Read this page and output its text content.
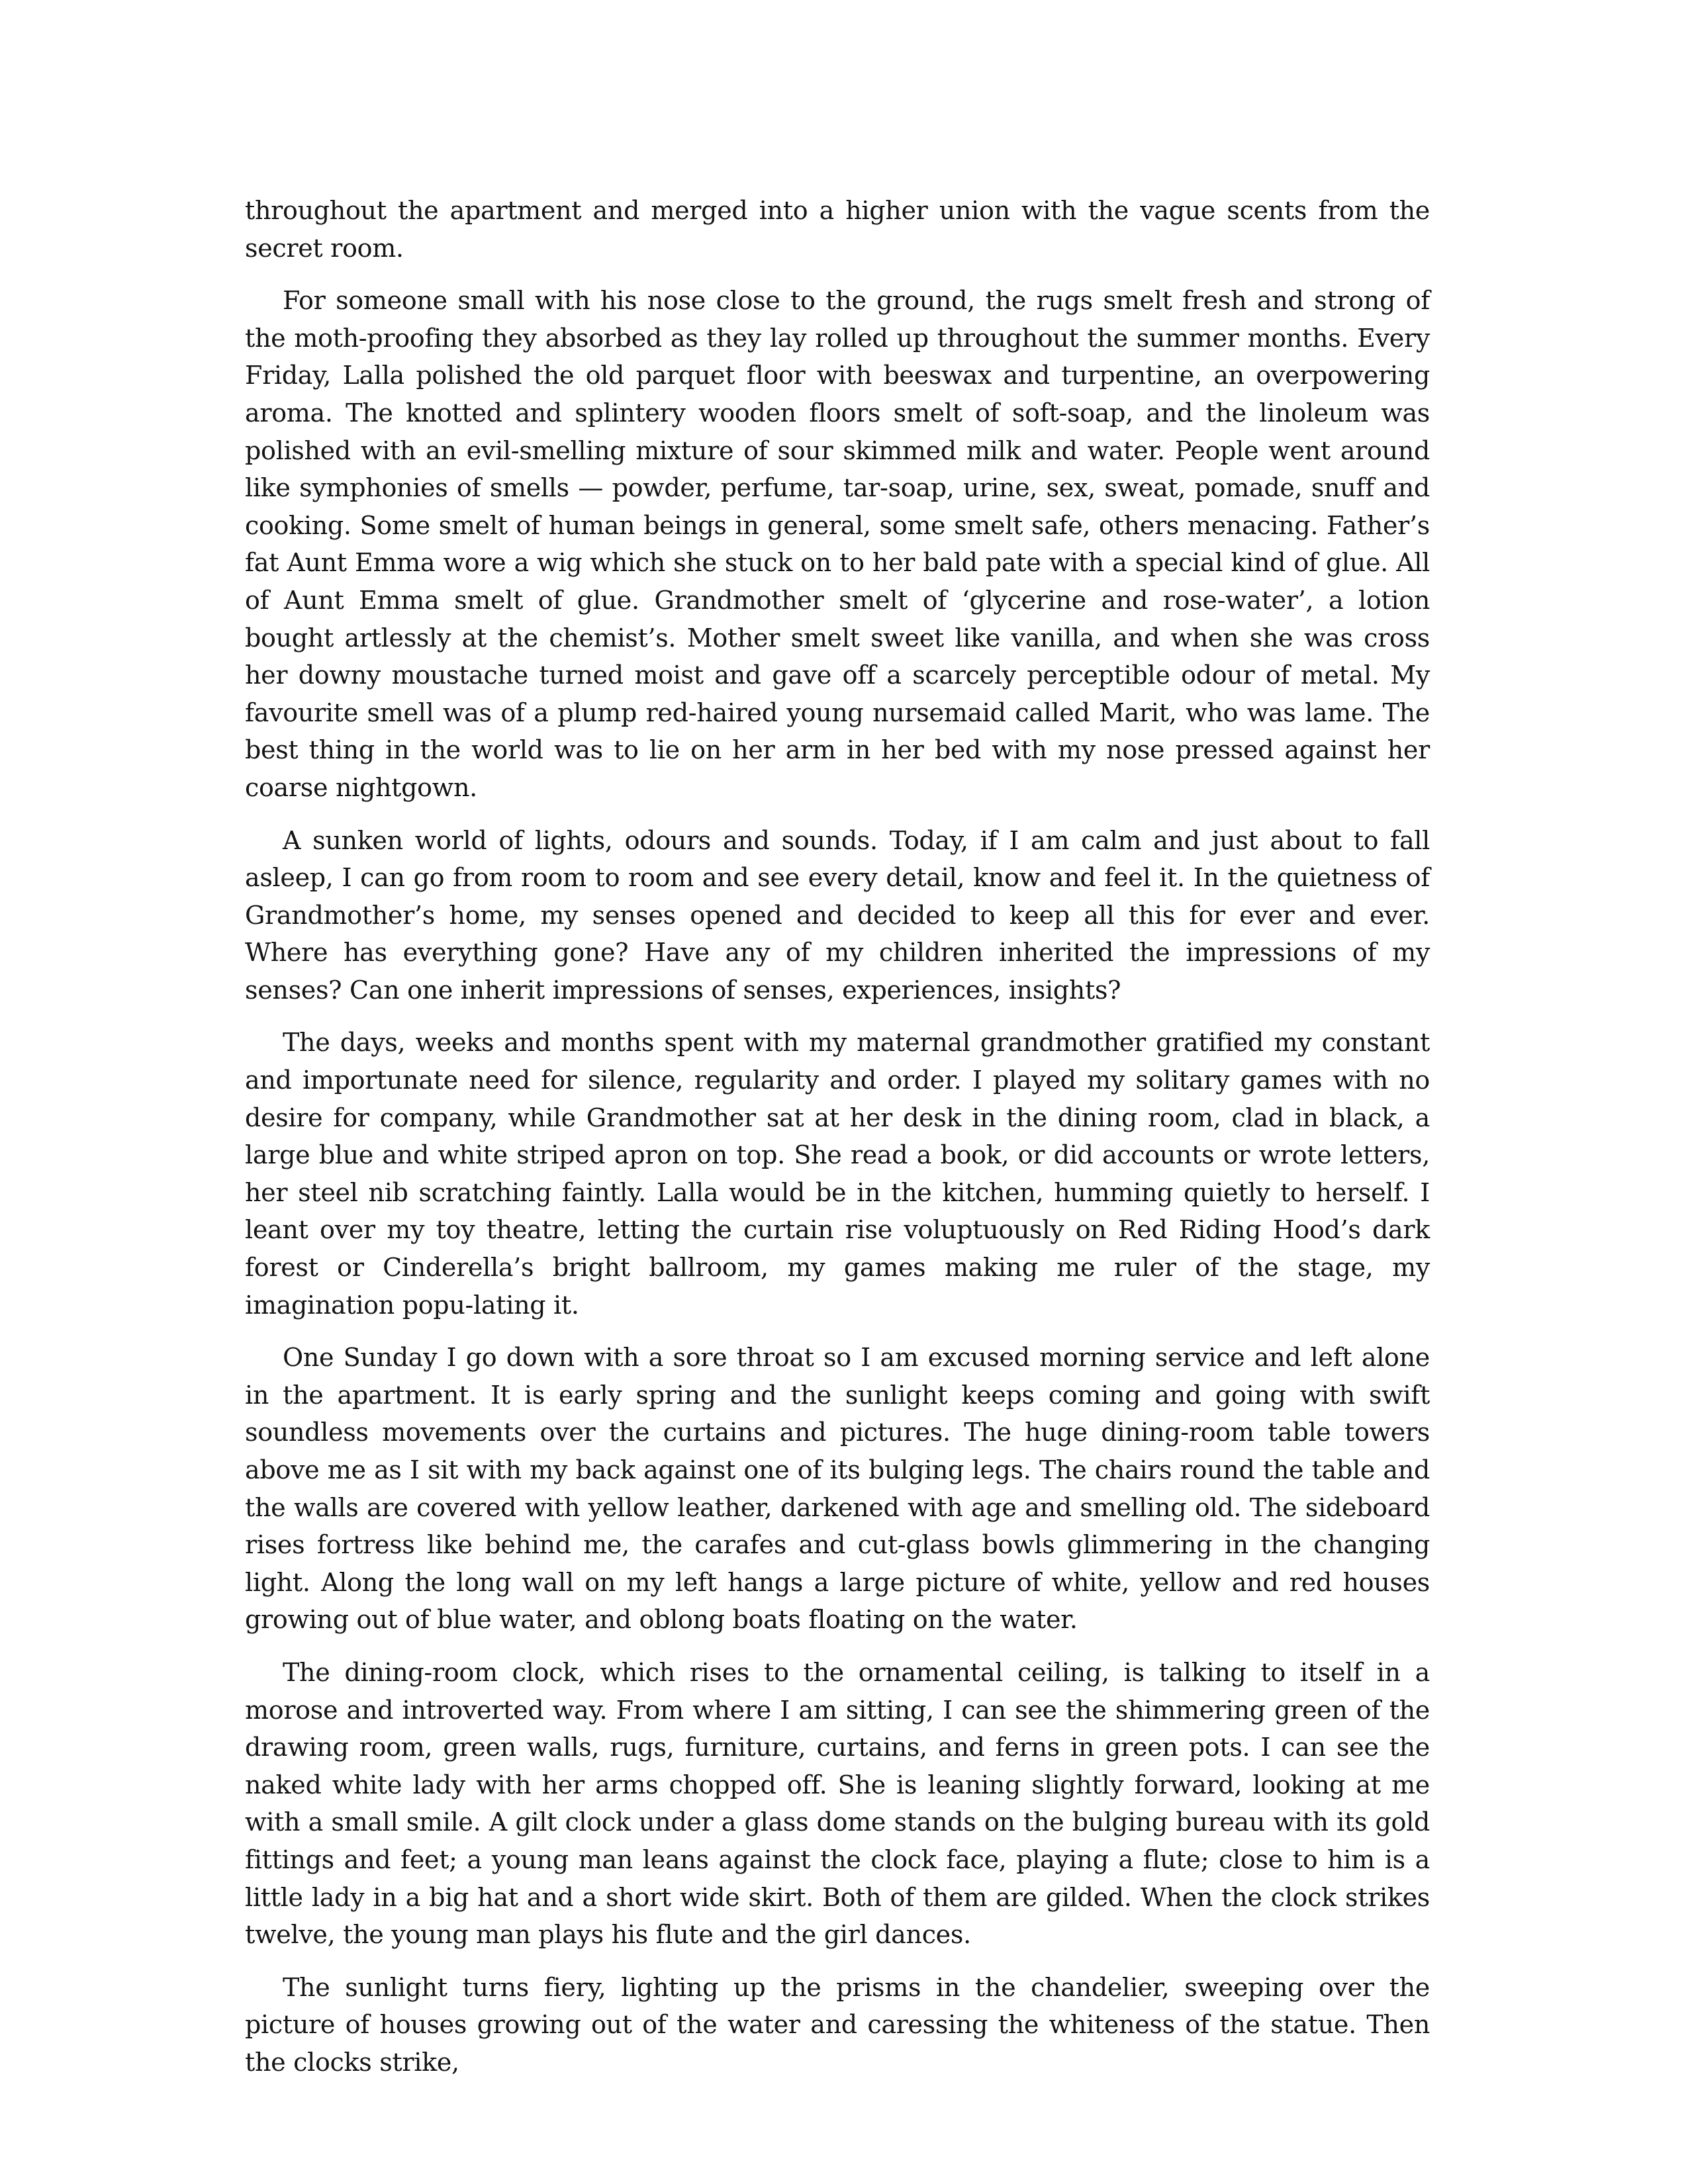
throughout the apartment and merged into a higher union with the vague scents from the secret room.

For someone small with his nose close to the ground, the rugs smelt fresh and strong of the moth-proofing they absorbed as they lay rolled up throughout the summer months. Every Friday, Lalla polished the old parquet floor with beeswax and turpentine, an overpowering aroma. The knotted and splintery wooden floors smelt of soft-soap, and the linoleum was polished with an evil-smelling mixture of sour skimmed milk and water. People went around like symphonies of smells — powder, perfume, tar-soap, urine, sex, sweat, pomade, snuff and cooking. Some smelt of human beings in general, some smelt safe, others menacing. Father’s fat Aunt Emma wore a wig which she stuck on to her bald pate with a special kind of glue. All of Aunt Emma smelt of glue. Grandmother smelt of ‘glycerine and rose-water’, a lotion bought artlessly at the chemist’s. Mother smelt sweet like vanilla, and when she was cross her downy moustache turned moist and gave off a scarcely perceptible odour of metal. My favourite smell was of a plump red-haired young nursemaid called Marit, who was lame. The best thing in the world was to lie on her arm in her bed with my nose pressed against her coarse nightgown.

A sunken world of lights, odours and sounds. Today, if I am calm and just about to fall asleep, I can go from room to room and see every detail, know and feel it. In the quietness of Grandmother’s home, my senses opened and decided to keep all this for ever and ever. Where has everything gone? Have any of my children inherited the impressions of my senses? Can one inherit impressions of senses, experiences, insights?

The days, weeks and months spent with my maternal grandmother gratified my constant and importunate need for silence, regularity and order. I played my solitary games with no desire for company, while Grandmother sat at her desk in the dining room, clad in black, a large blue and white striped apron on top. She read a book, or did accounts or wrote letters, her steel nib scratching faintly. Lalla would be in the kitchen, humming quietly to herself. I leant over my toy theatre, letting the curtain rise voluptuously on Red Riding Hood’s dark forest or Cinderella’s bright ballroom, my games making me ruler of the stage, my imagination popu-lating it.

One Sunday I go down with a sore throat so I am excused morning service and left alone in the apartment. It is early spring and the sunlight keeps coming and going with swift soundless movements over the curtains and pictures. The huge dining-room table towers above me as I sit with my back against one of its bulging legs. The chairs round the table and the walls are covered with yellow leather, darkened with age and smelling old. The sideboard rises fortress like behind me, the carafes and cut-glass bowls glimmering in the changing light. Along the long wall on my left hangs a large picture of white, yellow and red houses growing out of blue water, and oblong boats floating on the water.

The dining-room clock, which rises to the ornamental ceiling, is talking to itself in a morose and introverted way. From where I am sitting, I can see the shimmering green of the drawing room, green walls, rugs, furniture, curtains, and ferns in green pots. I can see the naked white lady with her arms chopped off. She is leaning slightly forward, looking at me with a small smile. A gilt clock under a glass dome stands on the bulging bureau with its gold fittings and feet; a young man leans against the clock face, playing a flute; close to him is a little lady in a big hat and a short wide skirt. Both of them are gilded. When the clock strikes twelve, the young man plays his flute and the girl dances.

The sunlight turns fiery, lighting up the prisms in the chandelier, sweeping over the picture of houses growing out of the water and caressing the whiteness of the statue. Then the clocks strike,
